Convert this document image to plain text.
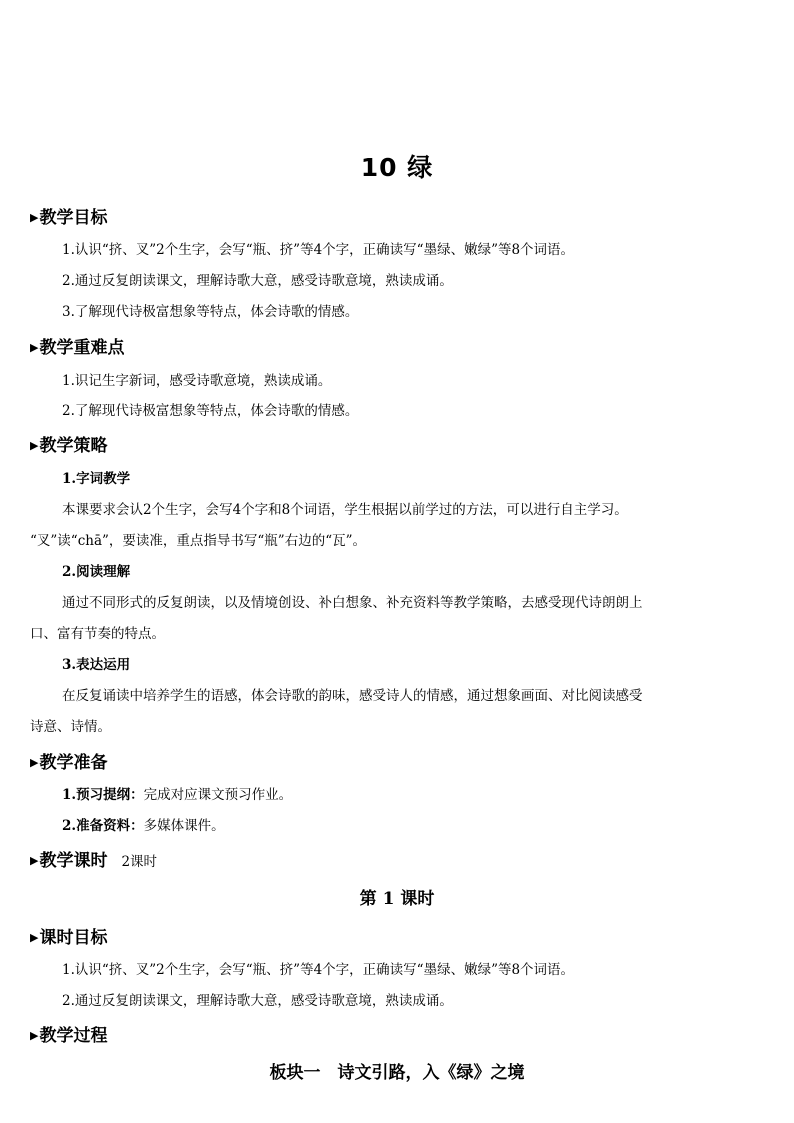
10 绿
▶教学目标
1.认识“挤、叉”2个生字，会写“瓶、挤”等4个字，正确读写“墨绿、嫩绿”等8个词语。
2.通过反复朗读课文，理解诗歌大意，感受诗歌意境，熟读成诵。
3.了解现代诗极富想象等特点，体会诗歌的情感。
▶教学重难点
1.识记生字新词，感受诗歌意境，熟读成诵。
2.了解现代诗极富想象等特点，体会诗歌的情感。
▶教学策略
1.字词教学
本课要求会认2个生字，会写4个字和8个词语，学生根据以前学过的方法，可以进行自主学习。
“叉”读“chā”，要读准，重点指导书写“瓶”右边的“瓦”。
2.阅读理解
通过不同形式的反复朗读，以及情境创设、补白想象、补充资料等教学策略，去感受现代诗朗朗上
口、富有节奏的特点。
3.表达运用
在反复诵读中培养学生的语感，体会诗歌的韵味，感受诗人的情感，通过想象画面、对比阅读感受
诗意、诗情。
▶教学准备
1.预习提纲：完成对应课文预习作业。
2.准备资料：多媒体课件。
▶教学课时 2课时
第 1 课时
▶课时目标
1.认识“挤、叉”2个生字，会写“瓶、挤”等4个字，正确读写“墨绿、嫩绿”等8个词语。
2.通过反复朗读课文，理解诗歌大意，感受诗歌意境，熟读成诵。
▶教学过程
板块一　诗文引路，入《绿》之境
